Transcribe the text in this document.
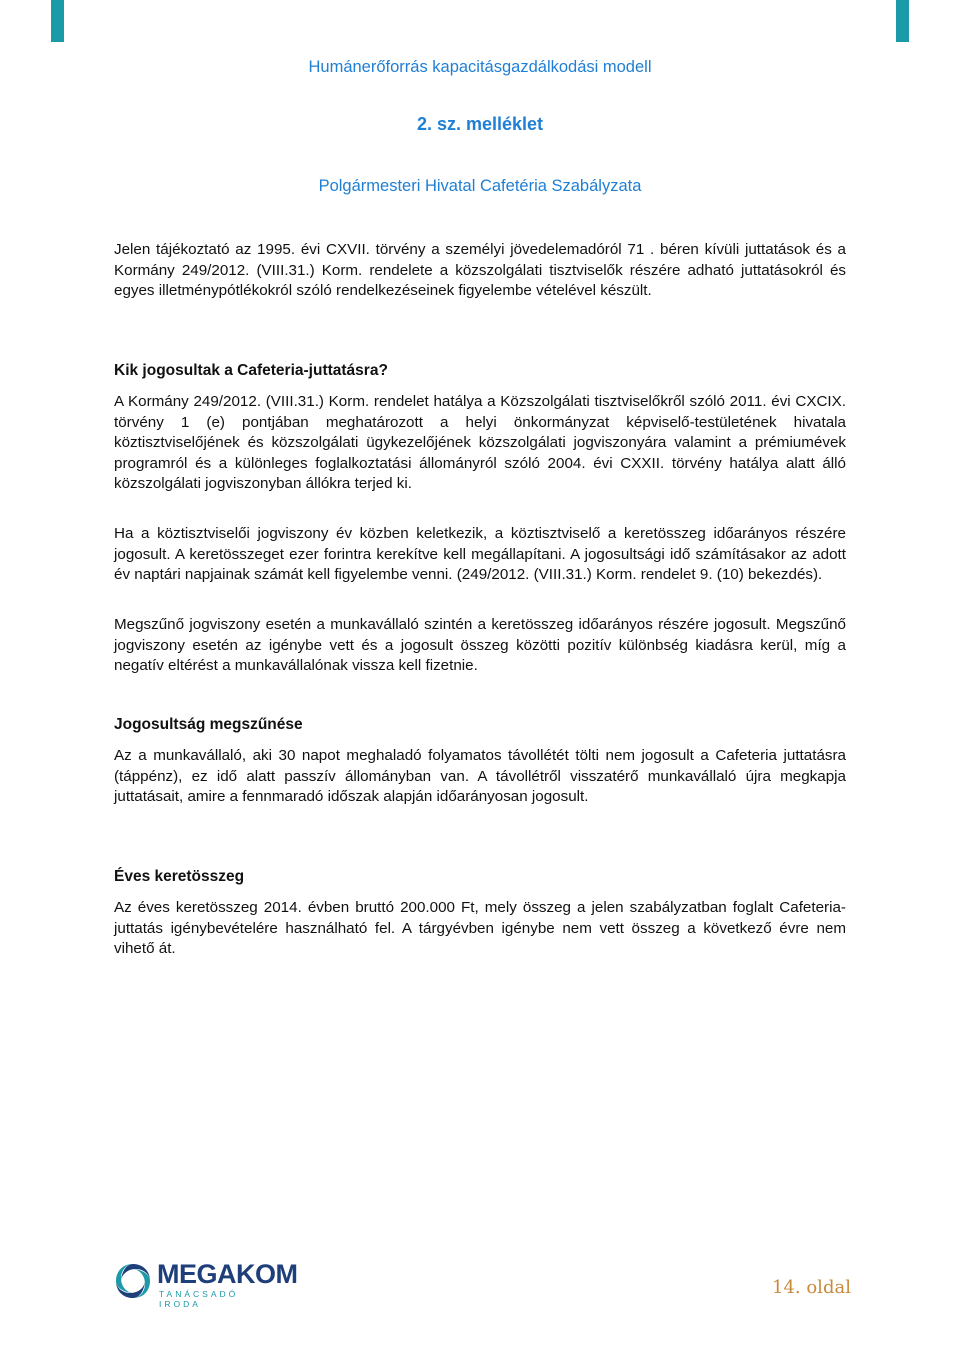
Humánerőforrás kapacitásgazdálkodási modell
2. sz. melléklet
Polgármesteri Hivatal Cafetéria Szabályzata

Jelen tájékoztató az 1995. évi CXVII. törvény a személyi jövedelemadóról 71 . béren kívüli juttatások és a Kormány 249/2012. (VIII.31.) Korm. rendelete a közszolgálati tisztviselők részére adható juttatásokról és egyes illetménypótlékokról szóló rendelkezéseinek figyelembe vételével készült.

Kik jogosultak a Cafeteria-juttatásra?

A Kormány 249/2012. (VIII.31.) Korm. rendelet hatálya a Közszolgálati tisztviselőkről szóló 2011. évi CXCIX. törvény 1 (e) pontjában meghatározott a helyi önkormányzat képviselő-testületének hivatala köztisztviselőjének és közszolgálati ügykezelőjének közszolgálati jogviszonyára valamint a prémiumévek programról és a különleges foglalkoztatási állományról szóló 2004. évi CXXII. törvény hatálya alatt álló közszolgálati jogviszonyban állókra terjed ki.

Ha a köztisztviselői jogviszony év közben keletkezik, a köztisztviselő a keretösszeg időarányos részére jogosult. A keretösszeget ezer forintra kerekítve kell megállapítani. A jogosultsági idő számításakor az adott év naptári napjainak számát kell figyelembe venni. (249/2012. (VIII.31.) Korm. rendelet 9. (10) bekezdés).

Megszűnő jogviszony esetén a munkavállaló szintén a keretösszeg időarányos részére jogosult. Megszűnő jogviszony esetén az igénybe vett és a jogosult összeg közötti pozitív különbség kiadásra kerül, míg a negatív eltérést a munkavállalónak vissza kell fizetnie.

Jogosultság megszűnése

Az a munkavállaló, aki 30 napot meghaladó folyamatos távollétét tölti nem jogosult a Cafeteria juttatásra (táppénz), ez idő alatt passzív állományban van. A távollétről visszatérő munkavállaló újra megkapja juttatásait, amire a fennmaradó időszak alapján időarányosan jogosult.

Éves keretösszeg

Az éves keretösszeg 2014. évben bruttó 200.000 Ft, mely összeg a jelen szabályzatban foglalt Cafeteria-juttatás igénybevételére használható fel. A tárgyévben igénybe nem vett összeg a következő évre nem vihető át.

MEGAKOM
TANÁCSADÓ IRODA
14. oldal
